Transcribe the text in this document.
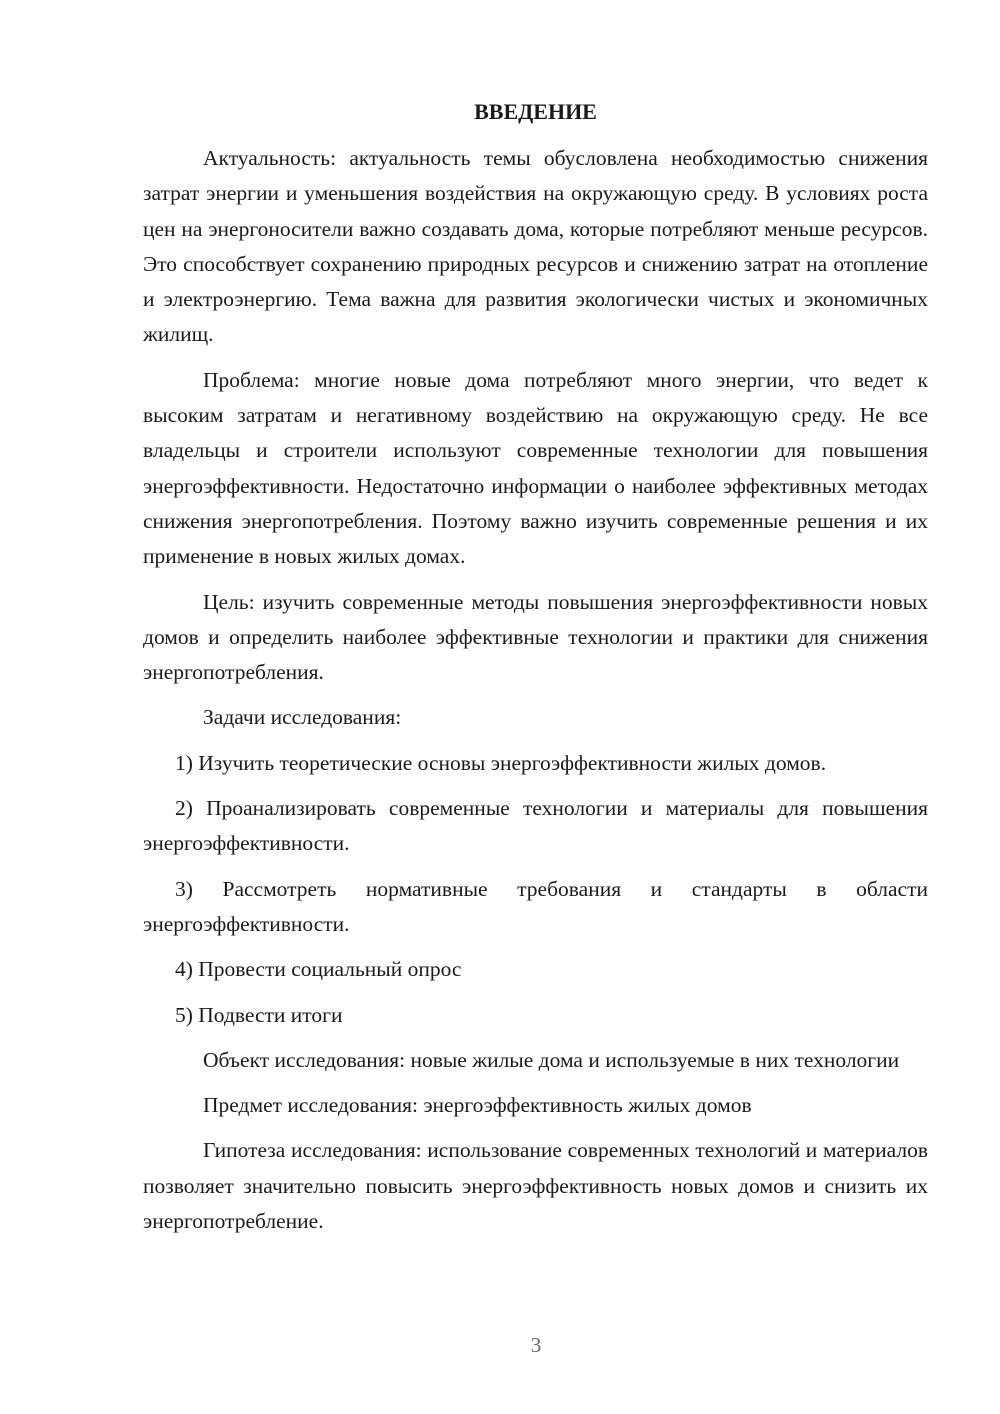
ВВЕДЕНИЕ

Актуальность: актуальность темы обусловлена необходимостью снижения затрат энергии и уменьшения воздействия на окружающую среду. В условиях роста цен на энергоносители важно создавать дома, которые потребляют меньше ресурсов. Это способствует сохранению природных ресурсов и снижению затрат на отопление и электроэнергию. Тема важна для развития экологически чистых и экономичных жилищ.

Проблема: многие новые дома потребляют много энергии, что ведет к высоким затратам и негативному воздействию на окружающую среду. Не все владельцы и строители используют современные технологии для повышения энергоэффективности. Недостаточно информации о наиболее эффективных методах снижения энергопотребления. Поэтому важно изучить современные решения и их применение в новых жилых домах.

Цель: изучить современные методы повышения энергоэффективности новых домов и определить наиболее эффективные технологии и практики для снижения энергопотребления.

Задачи исследования:

1) Изучить теоретические основы энергоэффективности жилых домов.

2) Проанализировать современные технологии и материалы для повышения энергоэффективности.

3) Рассмотреть нормативные требования и стандарты в области энергоэффективности.

4) Провести социальный опрос

5) Подвести итоги

Объект исследования: новые жилые дома и используемые в них технологии

Предмет исследования: энергоэффективность жилых домов

Гипотеза исследования: использование современных технологий и материалов позволяет значительно повысить энергоэффективность новых домов и снизить их энергопотребление.

3
